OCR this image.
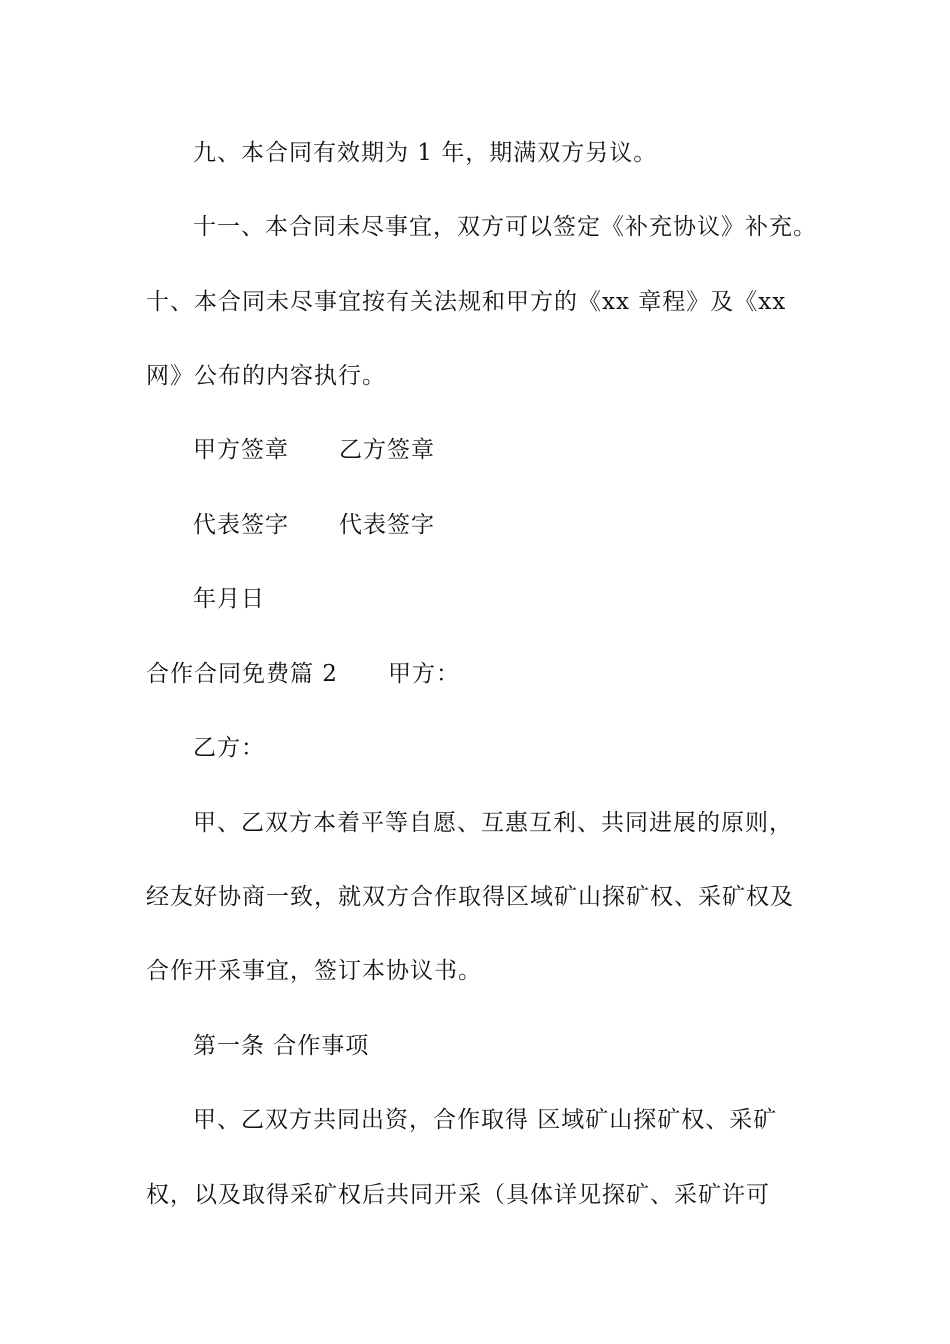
九、本合同有效期为 1 年，期满双方另议。
十一、本合同未尽事宜，双方可以签定《补充协议》补充。
十、本合同未尽事宜按有关法规和甲方的《xx 章程》及《xx
网》公布的内容执行。
甲方签章 乙方签章
代表签字 代表签字
年月日
合作合同免费篇 2 甲方：
乙方：
甲、乙双方本着平等自愿、互惠互利、共同进展的原则，
经友好协商一致，就双方合作取得区域矿山探矿权、采矿权及
合作开采事宜，签订本协议书。
第一条 合作事项
甲、乙双方共同出资，合作取得 区域矿山探矿权、采矿
权，以及取得采矿权后共同开采（具体详见探矿、采矿许可
